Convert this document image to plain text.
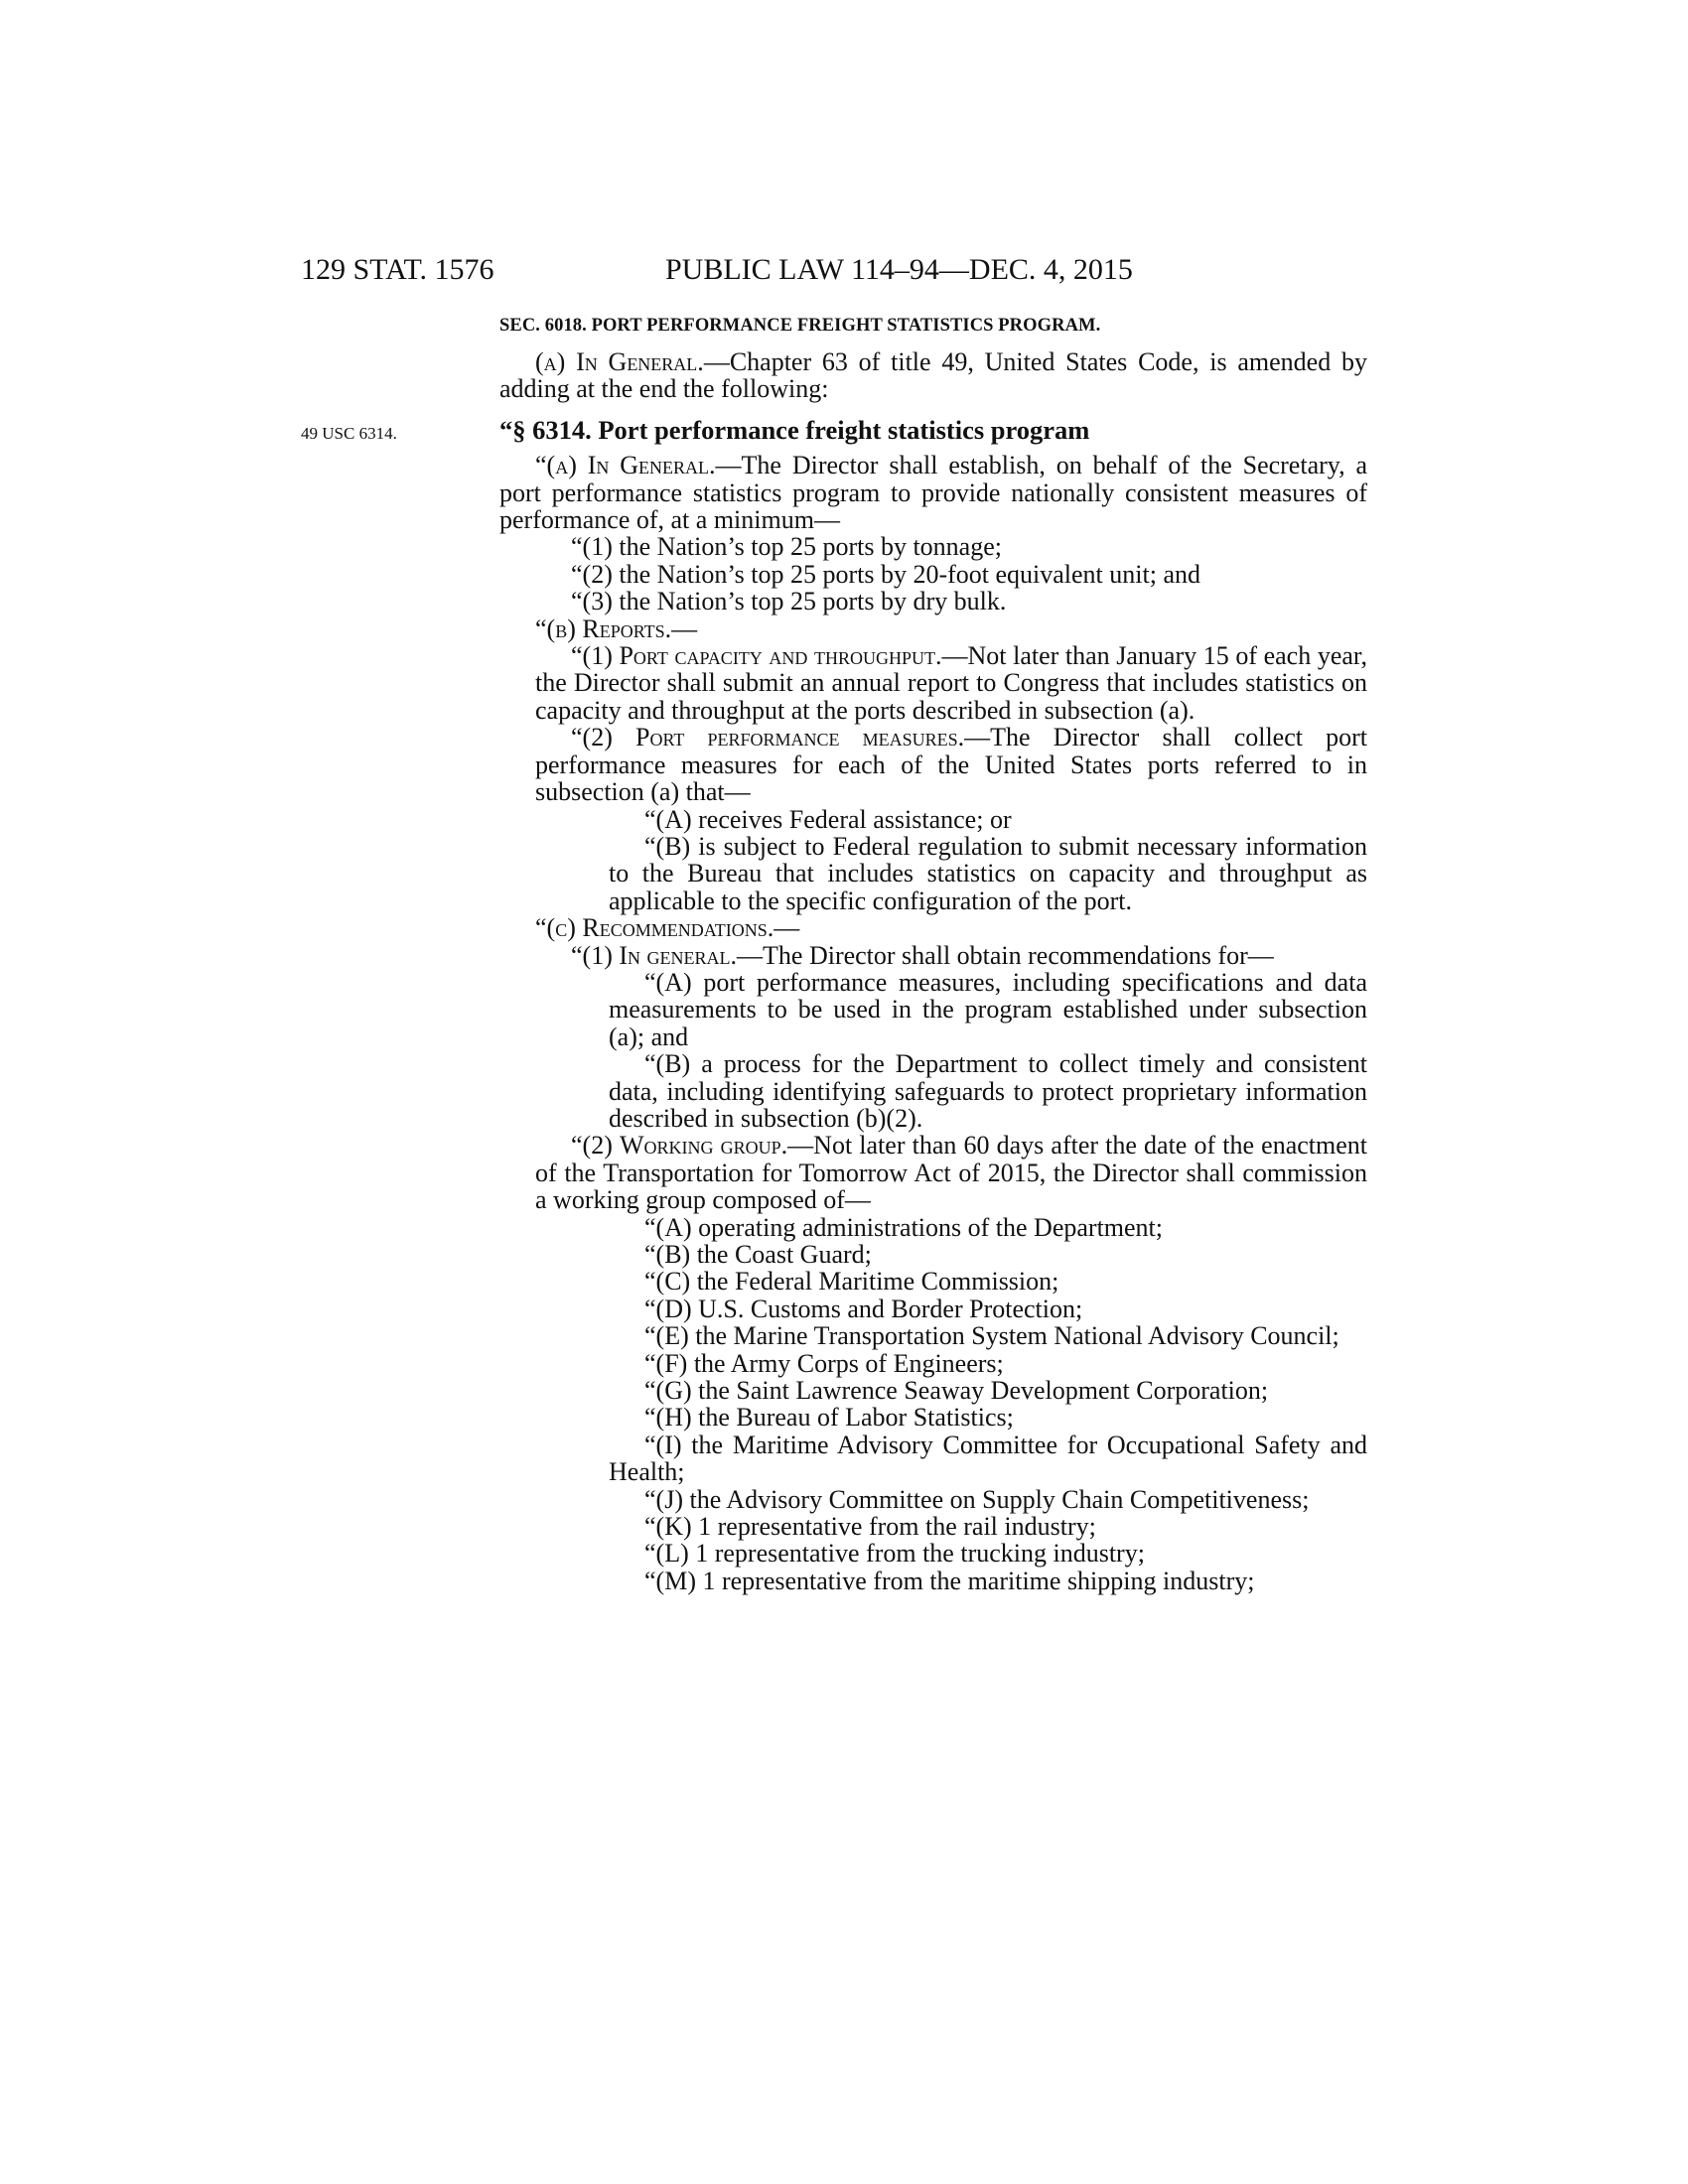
129 STAT. 1576	PUBLIC LAW 114–94—DEC. 4, 2015
SEC. 6018. PORT PERFORMANCE FREIGHT STATISTICS PROGRAM.
49 USC 6314.

(a) In General.—Chapter 63 of title 49, United States Code, is amended by adding at the end the following:

“§ 6314. Port performance freight statistics program

“(a) In General.—The Director shall establish, on behalf of the Secretary, a port performance statistics program to provide nationally consistent measures of performance of, at a minimum—

“(1) the Nation’s top 25 ports by tonnage;

“(2) the Nation’s top 25 ports by 20-foot equivalent unit; and

“(3) the Nation’s top 25 ports by dry bulk.

“(b) Reports.—

“(1) Port capacity and throughput.—Not later than January 15 of each year, the Director shall submit an annual report to Congress that includes statistics on capacity and throughput at the ports described in subsection (a).

“(2) Port performance measures.—The Director shall collect port performance measures for each of the United States ports referred to in subsection (a) that—

“(A) receives Federal assistance; or

“(B) is subject to Federal regulation to submit necessary information to the Bureau that includes statistics on capacity and throughput as applicable to the specific configuration of the port.

“(c) Recommendations.—

“(1) In general.—The Director shall obtain recommendations for—

“(A) port performance measures, including specifications and data measurements to be used in the program established under subsection (a); and

“(B) a process for the Department to collect timely and consistent data, including identifying safeguards to protect proprietary information described in subsection (b)(2).

“(2) Working group.—Not later than 60 days after the date of the enactment of the Transportation for Tomorrow Act of 2015, the Director shall commission a working group composed of—

“(A) operating administrations of the Department;

“(B) the Coast Guard;

“(C) the Federal Maritime Commission;

“(D) U.S. Customs and Border Protection;

“(E) the Marine Transportation System National Advisory Council;

“(F) the Army Corps of Engineers;

“(G) the Saint Lawrence Seaway Development Corporation;

“(H) the Bureau of Labor Statistics;

“(I) the Maritime Advisory Committee for Occupational Safety and Health;

“(J) the Advisory Committee on Supply Chain Competitiveness;

“(K) 1 representative from the rail industry;

“(L) 1 representative from the trucking industry;

“(M) 1 representative from the maritime shipping industry;
